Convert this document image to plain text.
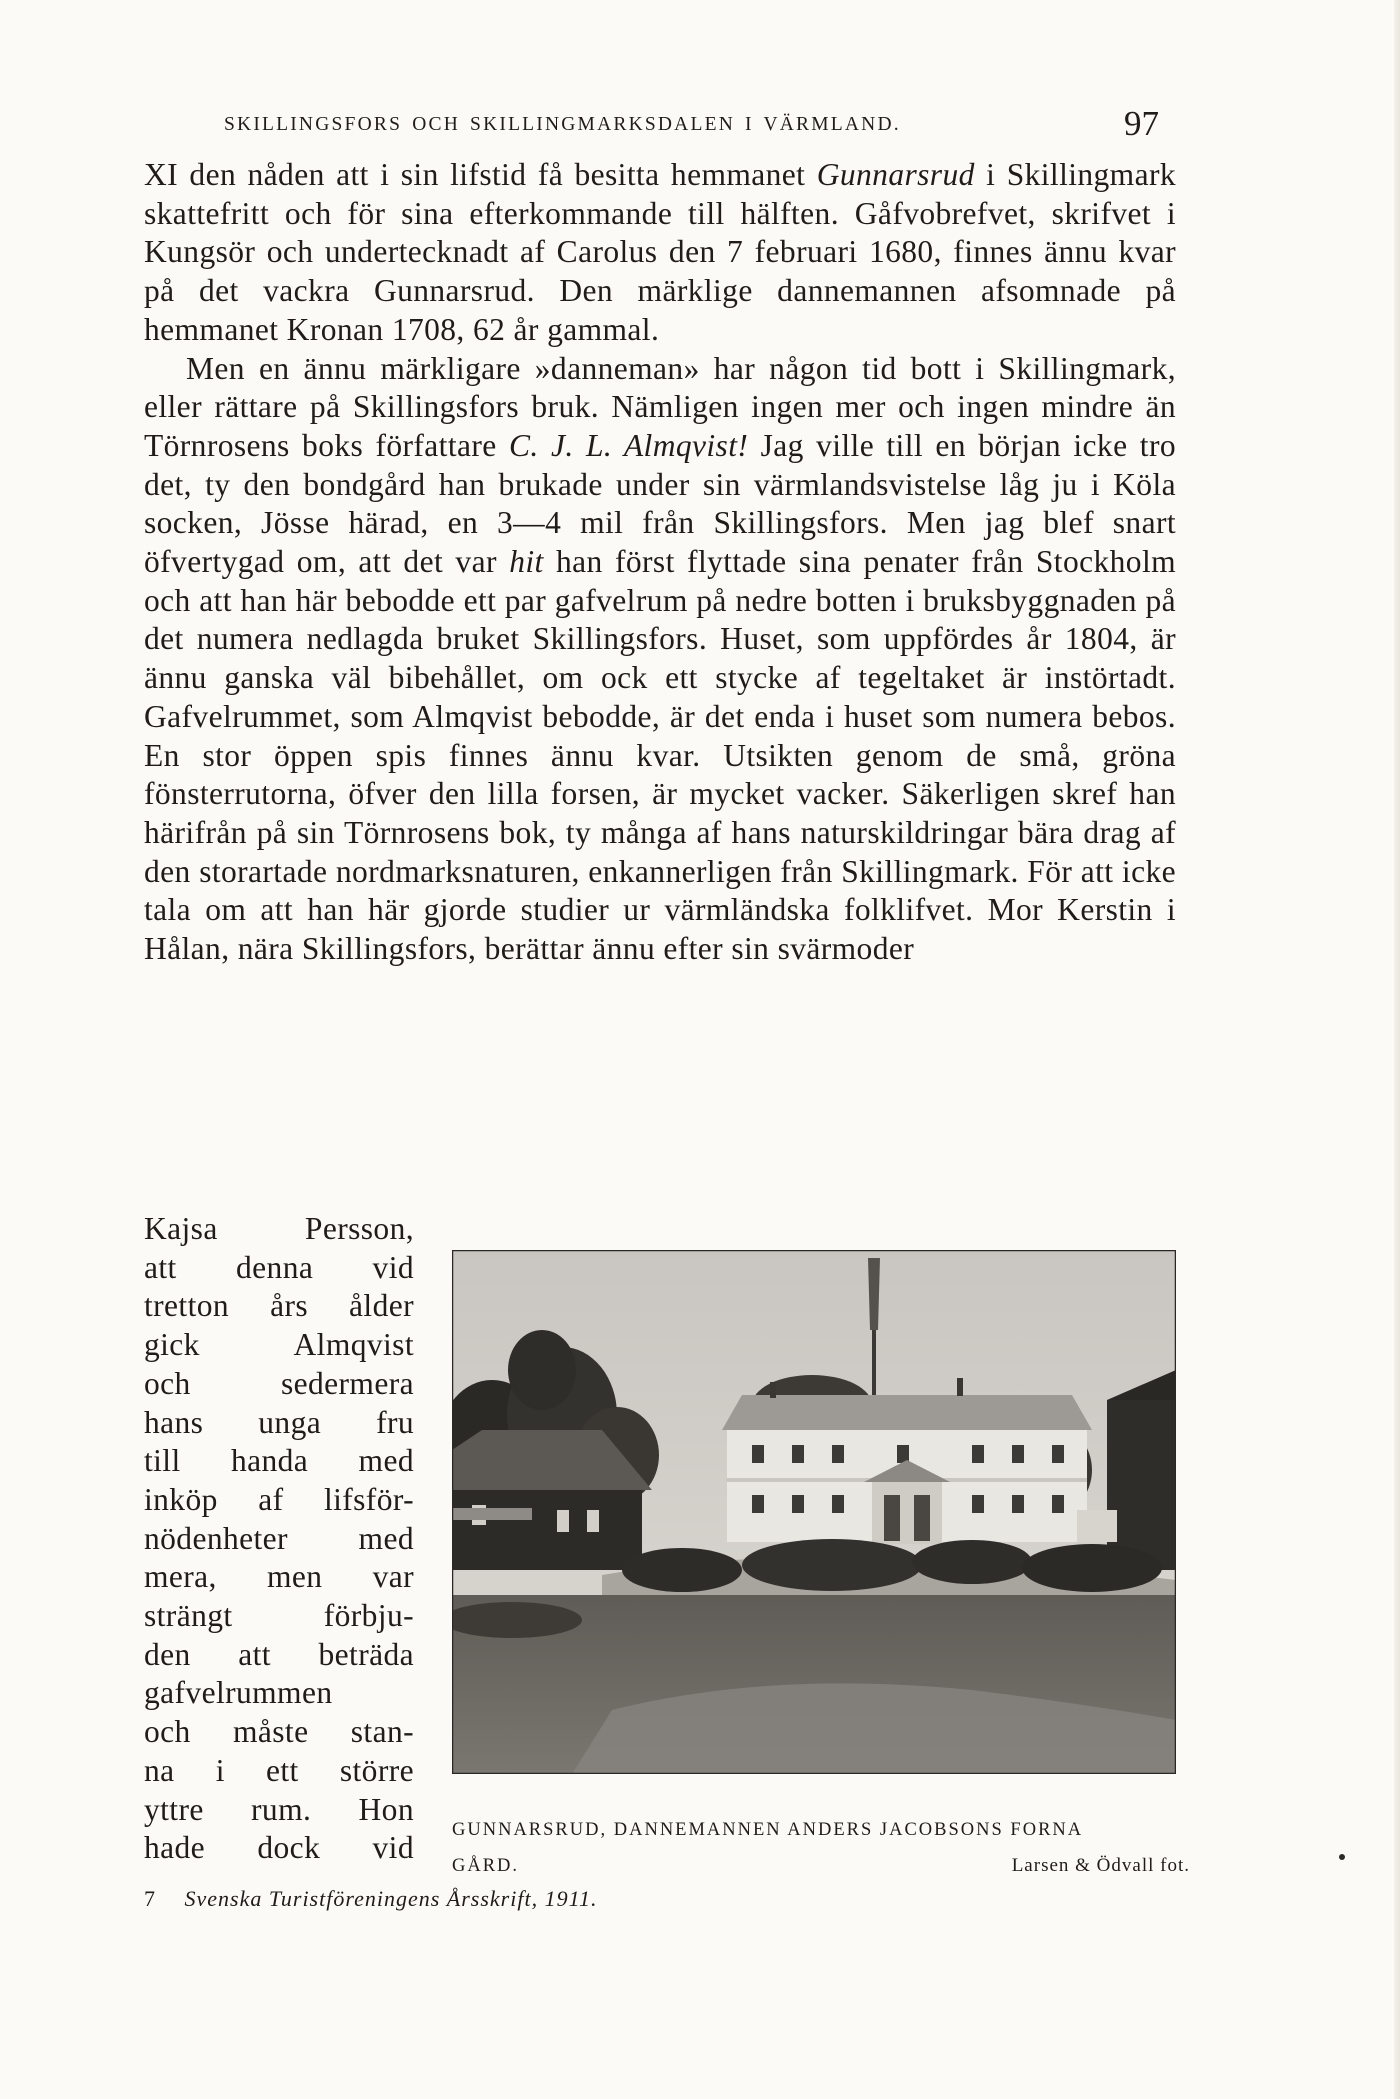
SKILLINGSFORS OCH SKILLINGMARKSDALEN I VÄRMLAND.	97

XI den nåden att i sin lifstid få besitta hemmanet Gunnarsrud i Skillingmark skattefritt och för sina efterkommande till hälften. Gåfvobrefvet, skrifvet i Kungsör och undertecknadt af Carolus den 7 februari 1680, finnes ännu kvar på det vackra Gunnarsrud. Den märklige dannemannen afsomnade på hemmanet Kronan 1708, 62 år gammal.

Men en ännu märkligare »danneman» har någon tid bott i Skillingmark, eller rättare på Skillingsfors bruk. Nämligen ingen mer och ingen mindre än Törnrosens boks författare C. J. L. Almqvist! Jag ville till en början icke tro det, ty den bondgård han brukade under sin värmlandsvistelse låg ju i Köla socken, Jösse härad, en 3—4 mil från Skillingsfors. Men jag blef snart öfvertygad om, att det var hit han först flyttade sina penater från Stockholm och att han här bebodde ett par gafvelrum på nedre botten i bruksbyggnaden på det numera nedlagda bruket Skillingsfors. Huset, som uppfördes år 1804, är ännu ganska väl bibehållet, om ock ett stycke af tegeltaket är instörtadt. Gafvelrummet, som Almqvist bebodde, är det enda i huset som numera bebos. En stor öppen spis finnes ännu kvar. Utsikten genom de små, gröna fönsterrutorna, öfver den lilla forsen, är mycket vacker. Säkerligen skref han härifrån på sin Törnrosens bok, ty många af hans naturskildringar bära drag af den storartade nordmarksnaturen, enkannerligen från Skillingmark. För att icke tala om att han här gjorde studier ur värmländska folklifvet. Mor Kerstin i Hålan, nära Skillingsfors, berättar ännu efter sin svärmoder

Kajsa Persson,
att denna vid
tretton års ålder
gick Almqvist
och sedermera
hans unga fru
till handa med
inköp af lifsför-
nödenheter med
mera, men var
strängt förbju-
den att beträda
gafvelrummen
och måste stan-
na i ett större
yttre rum. Hon
hade dock vid
GUNNARSRUD, DANNEMANNEN ANDERS JACOBSONS FORNA
GÅRD.	Larsen & Ödvall fot.
7 Svenska Turistföreningens Årsskrift, 1911.
